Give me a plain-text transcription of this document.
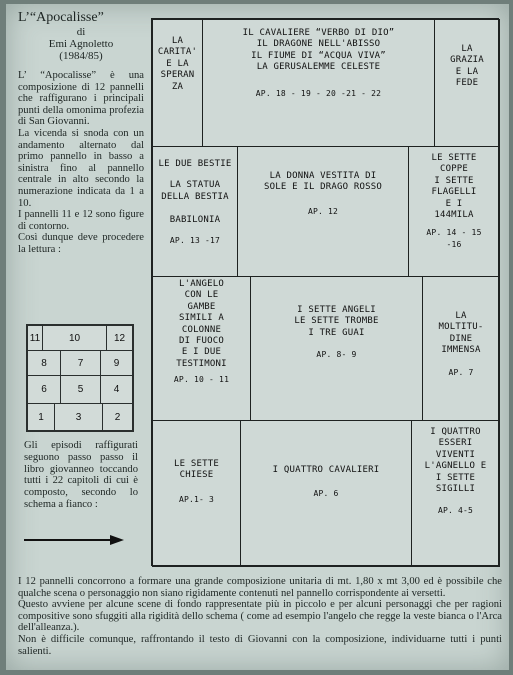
L’“Apocalisse”
di
Emi Agnoletto
(1984/85)

L’ “Apocalisse” è una composizione di 12 pannelli che raffigurano i principali punti della omonima profezia di San Giovanni.

La vicenda si snoda con un andamento alternato dal primo pannello in basso a sinistra fino al pannello centrale in alto secondo la numerazione indicata da 1 a 10.

I pannelli 11 e 12 sono figure di contorno.

Così dunque deve procedere la lettura :

11	10	12
8	7	9
6	5	4
1	3	2
Gli episodi raffigurati seguono passo passo il libro giovanneo toccando tutti i 22 capitoli di cui è composto, secondo lo schema a fianco :
LA
CARITA'
E LA
SPERAN
ZA
IL CAVALIERE “VERBO DI DIO”
IL DRAGONE NELL'ABISSO
IL FIUME DI “ACQUA VIVA”
LA GERUSALEMME CELESTE
AP. 18 - 19 - 20 -21 - 22
LA
GRAZIA
E LA
FEDE
LE DUE BESTIE
LA STATUA
DELLA BESTIA
BABILONIA
AP. 13 -17
LA DONNA VESTITA DI
SOLE E IL DRAGO ROSSO
AP. 12
LE SETTE
COPPE
I SETTE
FLAGELLI
E I
144MILA
AP. 14 - 15 -16
L'ANGELO
CON LE
GAMBE
SIMILI A
COLONNE
DI FUOCO
E I DUE
TESTIMONI
AP. 10 - 11
I SETTE ANGELI
LE SETTE TROMBE
I TRE GUAI
AP. 8- 9
LA
MOLTITU-
DINE
IMMENSA
AP. 7
LE SETTE
CHIESE
AP.1- 3
I QUATTRO CAVALIERI
AP. 6
I QUATTRO
ESSERI
VIVENTI
L'AGNELLO E
I SETTE
SIGILLI
AP. 4-5

I 12 pannelli concorrono a formare una grande composizione unitaria di mt. 1,80 x mt 3,00 ed è possibile che qualche scena o personaggio non siano rigidamente contenuti nel pannello corrispondente ai versetti.

Questo avviene per alcune scene di fondo rappresentate più in piccolo e per alcuni personaggi che per ragioni compositive sono sfuggiti alla rigidità dello schema ( come ad esempio l'angelo che regge la veste bianca o l'Arca dell'alleanza.).

Non è difficile comunque, raffrontando il testo di Giovanni con la composizione, individuarne tutti i punti salienti.
